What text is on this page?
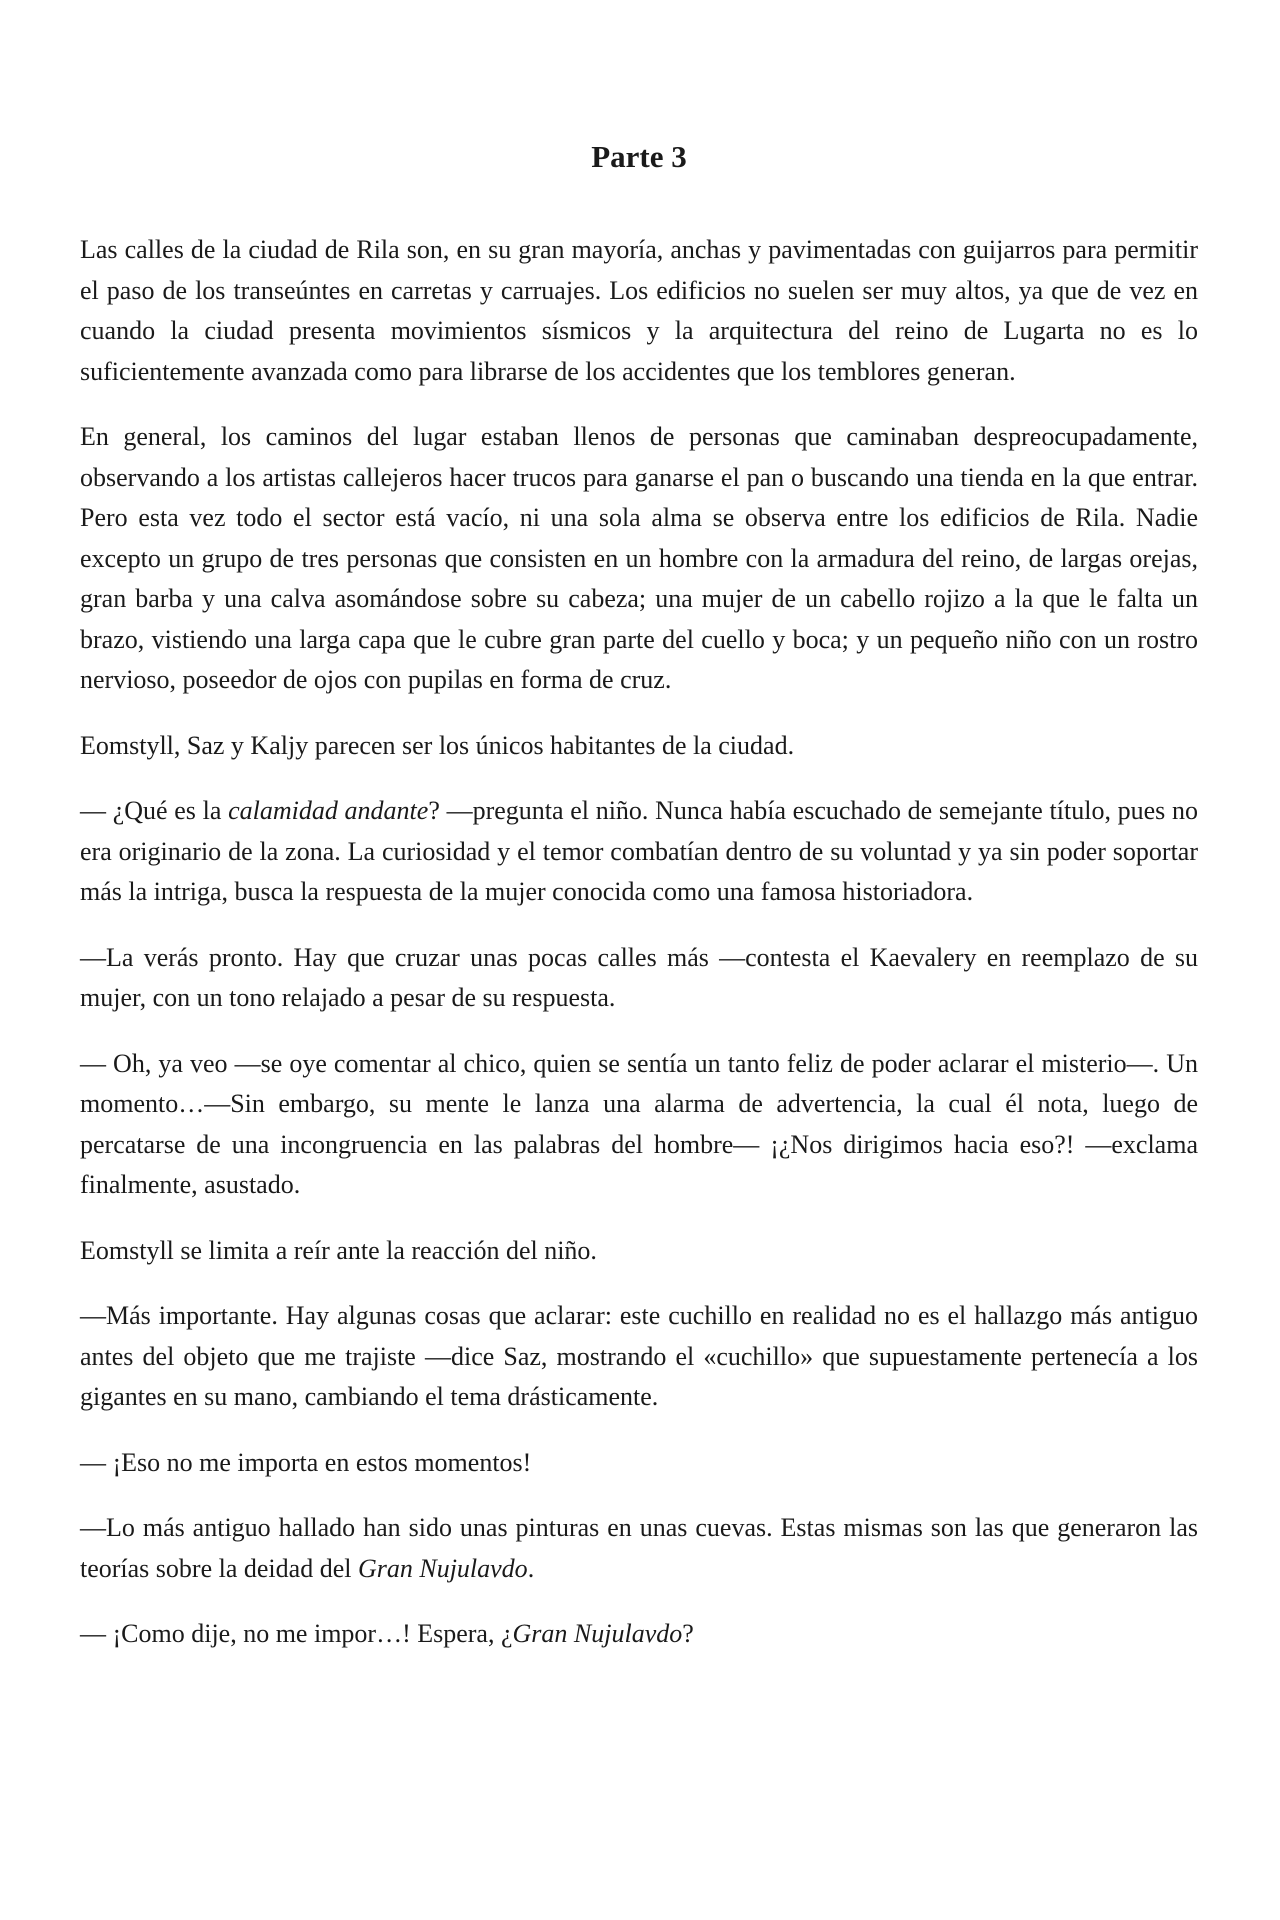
Parte 3

Las calles de la ciudad de Rila son, en su gran mayoría, anchas y pavimentadas con guijarros para permitir el paso de los transeúntes en carretas y carruajes. Los edificios no suelen ser muy altos, ya que de vez en cuando la ciudad presenta movimientos sísmicos y la arquitectura del reino de Lugarta no es lo suficientemente avanzada como para librarse de los accidentes que los temblores generan.

En general, los caminos del lugar estaban llenos de personas que caminaban despreocupadamente, observando a los artistas callejeros hacer trucos para ganarse el pan o buscando una tienda en la que entrar. Pero esta vez todo el sector está vacío, ni una sola alma se observa entre los edificios de Rila. Nadie excepto un grupo de tres personas que consisten en un hombre con la armadura del reino, de largas orejas, gran barba y una calva asomándose sobre su cabeza; una mujer de un cabello rojizo a la que le falta un brazo, vistiendo una larga capa que le cubre gran parte del cuello y boca; y un pequeño niño con un rostro nervioso, poseedor de ojos con pupilas en forma de cruz.

Eomstyll, Saz y Kaljy parecen ser los únicos habitantes de la ciudad.

— ¿Qué es la calamidad andante? —pregunta el niño. Nunca había escuchado de semejante título, pues no era originario de la zona. La curiosidad y el temor combatían dentro de su voluntad y ya sin poder soportar más la intriga, busca la respuesta de la mujer conocida como una famosa historiadora.

—La verás pronto. Hay que cruzar unas pocas calles más —contesta el Kaevalery en reemplazo de su mujer, con un tono relajado a pesar de su respuesta.

— Oh, ya veo —se oye comentar al chico, quien se sentía un tanto feliz de poder aclarar el misterio—. Un momento…—Sin embargo, su mente le lanza una alarma de advertencia, la cual él nota, luego de percatarse de una incongruencia en las palabras del hombre— ¡¿Nos dirigimos hacia eso?! —exclama finalmente, asustado.

Eomstyll se limita a reír ante la reacción del niño.

—Más importante. Hay algunas cosas que aclarar: este cuchillo en realidad no es el hallazgo más antiguo antes del objeto que me trajiste —dice Saz, mostrando el «cuchillo» que supuestamente pertenecía a los gigantes en su mano, cambiando el tema drásticamente.

— ¡Eso no me importa en estos momentos!

—Lo más antiguo hallado han sido unas pinturas en unas cuevas. Estas mismas son las que generaron las teorías sobre la deidad del Gran Nujulavdo.

— ¡Como dije, no me impor…! Espera, ¿Gran Nujulavdo?
